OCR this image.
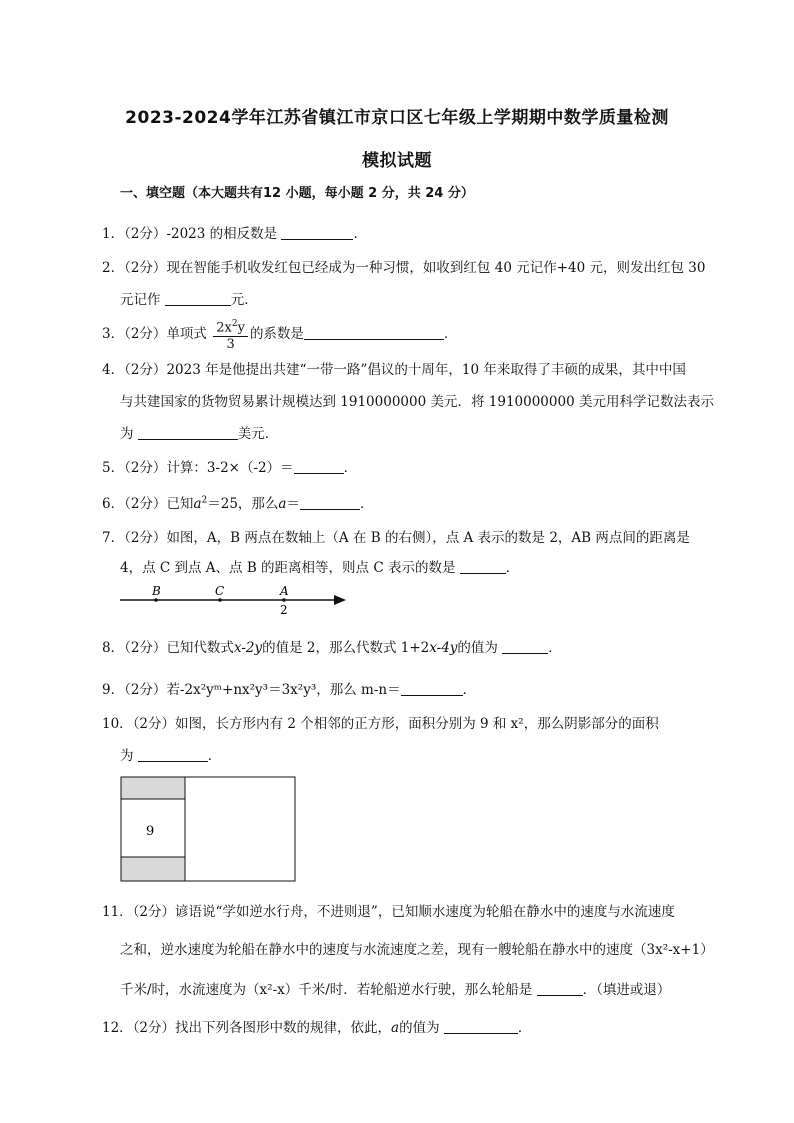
2023-2024学年江苏省镇江市京口区七年级上学期期中数学质量检测
模拟试题
一、填空题（本大题共有12 小题，每小题 2 分，共 24 分）
1．（2分）-2023 的相反数是	．
2．（2分）现在智能手机收发红包已经成为一种习惯，如收到红包 40 元记作+40 元，则发出红包 30
元记作	元．
3．（2分）单项式 $\frac{2x^2y}{3}$ 的系数是	．
4．（2分）2023 年是他提出共建“一带一路”倡议的十周年，10 年来取得了丰硕的成果，其中中国
与共建国家的货物贸易累计规模达到 1910000000 美元．将 1910000000 美元用科学记数法表示
为	美元．
5．（2分）计算：3-2×（-2）＝	．
6．（2分）已知$a^2=25$，那么a＝	．
7．（2分）如图，A，B 两点在数轴上（A 在 B 的右侧），点 A 表示的数是 2，AB 两点间的距离是
4，点 C 到点 A、点 B 的距离相等，则点 C 表示的数是	．
B	C	A
2
8．（2分）已知代数式x-2y的值是 2，那么代数式 1+2x-4y的值为	．
9．（2分）若-2x²yᵐ+nx²y³＝3x²y³，那么 m-n＝	．
10．（2分）如图，长方形内有 2 个相邻的正方形，面积分别为 9 和 x²，那么阴影部分的面积
为	．
9
11．（2分）谚语说“学如逆水行舟，不进则退”，已知顺水速度为轮船在静水中的速度与水流速度
之和，逆水速度为轮船在静水中的速度与水流速度之差，现有一艘轮船在静水中的速度（3x²-x+1）
千米/时，水流速度为（x²-x）千米/时．若轮船逆水行驶，那么轮船是	．（填进或退）
12．（2分）找出下列各图形中数的规律，依此，a的值为	．
